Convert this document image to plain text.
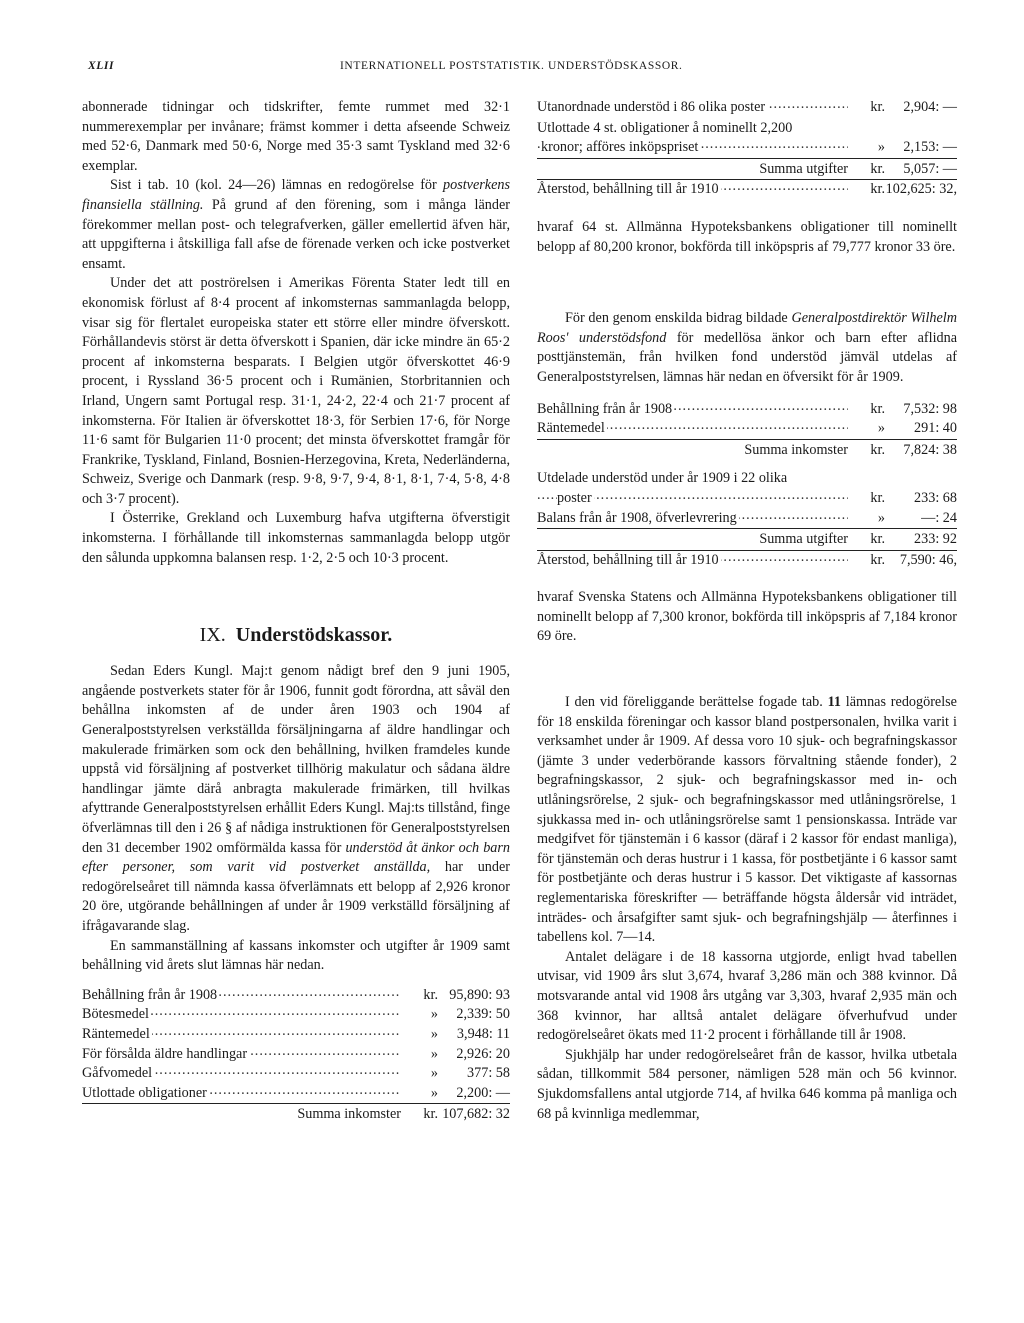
XLII	INTERNATIONELL POSTSTATISTIK. UNDERSTÖDSKASSOR.

abonnerade tidningar och tidskrifter, femte rummet med 32·1 nummerexemplar per invånare; främst kommer i detta afseende Schweiz med 52·6, Danmark med 50·6, Norge med 35·3 samt Tyskland med 32·6 exemplar.

Sist i tab. 10 (kol. 24—26) lämnas en redogörelse för postverkens finansiella ställning. På grund af den förening, som i många länder förekommer mellan post- och telegrafverken, gäller emellertid äfven här, att uppgifterna i åtskilliga fall afse de förenade verken och icke postverket ensamt.

Under det att poströrelsen i Amerikas Förenta Stater ledt till en ekonomisk förlust af 8·4 procent af inkomsternas sammanlagda belopp, visar sig för flertalet europeiska stater ett större eller mindre öfverskott. Förhållandevis störst är detta öfverskott i Spanien, där icke mindre än 65·2 procent af inkomsterna besparats. I Belgien utgör öfverskottet 46·9 procent, i Ryssland 36·5 procent och i Rumänien, Storbritannien och Irland, Ungern samt Portugal resp. 31·1, 24·2, 22·4 och 21·7 procent af inkomsterna. För Italien är öfverskottet 18·3, för Serbien 17·6, för Norge 11·6 samt för Bulgarien 11·0 procent; det minsta öfverskottet framgår för Frankrike, Tyskland, Finland, Bosnien-Herzegovina, Kreta, Nederländerna, Schweiz, Sverige och Danmark (resp. 9·8, 9·7, 9·4, 8·1, 8·1, 7·4, 5·8, 4·8 och 3·7 procent).

I Österrike, Grekland och Luxemburg hafva utgifterna öfverstigit inkomsterna. I förhållande till inkomsternas sammanlagda belopp utgör den sålunda uppkomna balansen resp. 1·2, 2·5 och 10·3 procent.

IX. Understödskassor.

Sedan Eders Kungl. Maj:t genom nådigt bref den 9 juni 1905, angående postverkets stater för år 1906, funnit godt förordna, att såväl den behållna inkomsten af de under åren 1903 och 1904 af Generalpoststyrelsen verkställda försäljningarna af äldre handlingar och makulerade frimärken som ock den behållning, hvilken framdeles kunde uppstå vid försäljning af postverket tillhörig makulatur och sådana äldre handlingar jämte därå anbragta makulerade frimärken, till hvilkas afyttrande Generalpoststyrelsen erhållit Eders Kungl. Maj:ts tillstånd, finge öfverlämnas till den i 26 § af nådiga instruktionen för Generalpoststyrelsen den 31 december 1902 omförmälda kassa för understöd åt änkor och barn efter personer, som varit vid postverket anställda, har under redogörelseåret till nämnda kassa öfverlämnats ett belopp af 2,926 kronor 20 öre, utgörande behållningen af under år 1909 verkställd försäljning af ifrågavarande slag.

En sammanställning af kassans inkomster och utgifter år 1909 samt behållning vid årets slut lämnas här nedan.

Behållning från år 1908 .....	kr.	95,890: 93
Bötesmedel .....	»	2,339: 50
Räntemedel .....	»	3,948: 11
För försålda äldre handlingar .....	»	2,926: 20
Gåfvomedel .....	»	377: 58
Utlottade obligationer .....	»	2,200: —
Summa inkomster	kr.	107,682: 32
Utanordnade understöd i 86 olika poster .....	kr.	2,904: —
Utlottade 4 st. obligationer å nominellt 2,200		
kronor; afföres inköpspriset .....	»	2,153: —
Summa utgifter	kr.	5,057: —
Återstod, behållning till år 1910 .....	kr.	102,625: 32,

hvaraf 64 st. Allmänna Hypoteksbankens obligationer till nominellt belopp af 80,200 kronor, bokförda till inköpspris af 79,777 kronor 33 öre.

För den genom enskilda bidrag bildade Generalpostdirektör Wilhelm Roos' understödsfond för medellösa änkor och barn efter aflidna posttjänstemän, från hvilken fond understöd jämväl utdelas af Generalpoststyrelsen, lämnas här nedan en öfversikt för år 1909.

Behållning från år 1908 .....	kr.	7,532: 98
Räntemedel .....	»	291: 40
Summa inkomster	kr.	7,824: 38
Utdelade understöd under år 1909 i 22 olika		
poster .....	kr.	233: 68
Balans från år 1908, öfverlevrering .....	»	—: 24
Summa utgifter	kr.	233: 92
Återstod, behållning till år 1910 .....	kr.	7,590: 46,

hvaraf Svenska Statens och Allmänna Hypoteksbankens obligationer till nominellt belopp af 7,300 kronor, bokförda till inköpspris af 7,184 kronor 69 öre.

I den vid föreliggande berättelse fogade tab. 11 lämnas redogörelse för 18 enskilda föreningar och kassor bland postpersonalen, hvilka varit i verksamhet under år 1909. Af dessa voro 10 sjuk- och begrafningskassor (jämte 3 under vederbörande kassors förvaltning stående fonder), 2 begrafningskassor, 2 sjuk- och begrafningskassor med in- och utlåningsrörelse, 2 sjuk- och begrafningskassor med utlåningsrörelse, 1 sjukkassa med in- och utlåningsrörelse samt 1 pensionskassa. Inträde var medgifvet för tjänstemän i 6 kassor (däraf i 2 kassor för endast manliga), för tjänstemän och deras hustrur i 1 kassa, för postbetjänte i 6 kassor samt för postbetjänte och deras hustrur i 5 kassor. Det viktigaste af kassornas reglementariska föreskrifter — beträffande högsta åldersår vid inträdet, inträdes- och årsafgifter samt sjuk- och begrafningshjälp — återfinnes i tabellens kol. 7—14.

Antalet delägare i de 18 kassorna utgjorde, enligt hvad tabellen utvisar, vid 1909 års slut 3,674, hvaraf 3,286 män och 388 kvinnor. Då motsvarande antal vid 1908 års utgång var 3,303, hvaraf 2,935 män och 368 kvinnor, har alltså antalet delägare öfverhufvud under redogörelseåret ökats med 11·2 procent i förhållande till år 1908.

Sjukhjälp har under redogörelseåret från de kassor, hvilka utbetala sådan, tillkommit 584 personer, nämligen 528 män och 56 kvinnor. Sjukdomsfallens antal utgjorde 714, af hvilka 646 komma på manliga och 68 på kvinnliga medlemmar,
